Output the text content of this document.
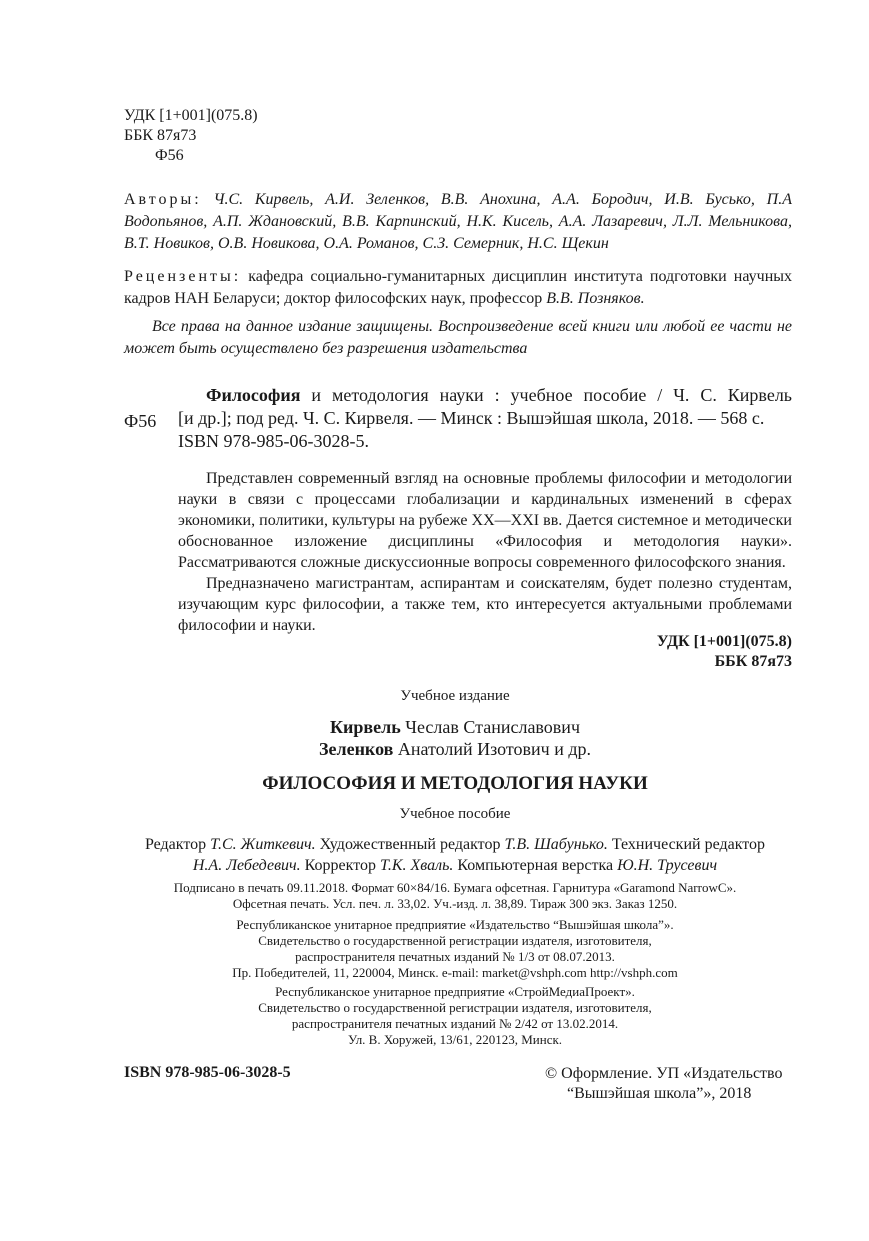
УДК [1+001](075.8)
ББК 87я73
Ф56
Авторы: Ч.С. Кирвель, А.И. Зеленков, В.В. Анохина, А.А. Бородич, И.В. Бусько, П.А Водопьянов, А.П. Ждановский, В.В. Карпинский, Н.К. Кисель, А.А. Лазаревич, Л.Л. Мельникова, В.Т. Новиков, О.В. Новикова, О.А. Романов, С.З. Семерник, Н.С. Щекин
Рецензенты: кафедра социально-гуманитарных дисциплин института подготовки научных кадров НАН Беларуси; доктор философских наук, профессор В.В. Позняков.
Все права на данное издание защищены. Воспроизведение всей книги или любой ее части не может быть осуществлено без разрешения издательства
Ф56
Философия и методология науки : учебное пособие / Ч. С. Кирвель
[и др.]; под ред. Ч. С. Кирвеля. — Минск : Вышэйшая школа, 2018. — 568 с.
ISBN 978-985-06-3028-5.

Представлен современный взгляд на основные проблемы философии и методологии науки в связи с процессами глобализации и кардинальных изменений в сферах экономики, политики, культуры на рубеже XX—XXI вв. Дается системное и методически обоснованное изложение дисциплины «Философия и методология науки». Рассматриваются сложные дискуссионные вопросы современного философского знания.

Предназначено магистрантам, аспирантам и соискателям, будет полезно студентам, изучающим курс философии, а также тем, кто интересуется актуальными проблемами философии и науки.

УДК [1+001](075.8)
ББК 87я73
Учебное издание
Кирвель Чеслав Станиславович
Зеленков Анатолий Изотович и др.
ФИЛОСОФИЯ И МЕТОДОЛОГИЯ НАУКИ
Учебное пособие
Редактор Т.С. Житкевич. Художественный редактор Т.В. Шабунько. Технический редактор
Н.А. Лебедевич. Корректор Т.К. Хваль. Компьютерная верстка Ю.Н. Трусевич
Подписано в печать 09.11.2018. Формат 60×84/16. Бумага офсетная. Гарнитура «Garamond NarrowC».
Офсетная печать. Усл. печ. л. 33,02. Уч.-изд. л. 38,89. Тираж 300 экз. Заказ 1250.
Республиканское унитарное предприятие «Издательство “Вышэйшая школа”».
Свидетельство о государственной регистрации издателя, изготовителя,
распространителя печатных изданий № 1/3 от 08.07.2013.
Пр. Победителей, 11, 220004, Минск. e-mail: market@vshph.com http://vshph.com
Республиканское унитарное предприятие «СтройМедиаПроект».
Свидетельство о государственной регистрации издателя, изготовителя,
распространителя печатных изданий № 2/42 от 13.02.2014.
Ул. В. Хоружей, 13/61, 220123, Минск.
ISBN 978-985-06-3028-5	© Оформление. УП «Издательство
“Вышэйшая школа”», 2018
